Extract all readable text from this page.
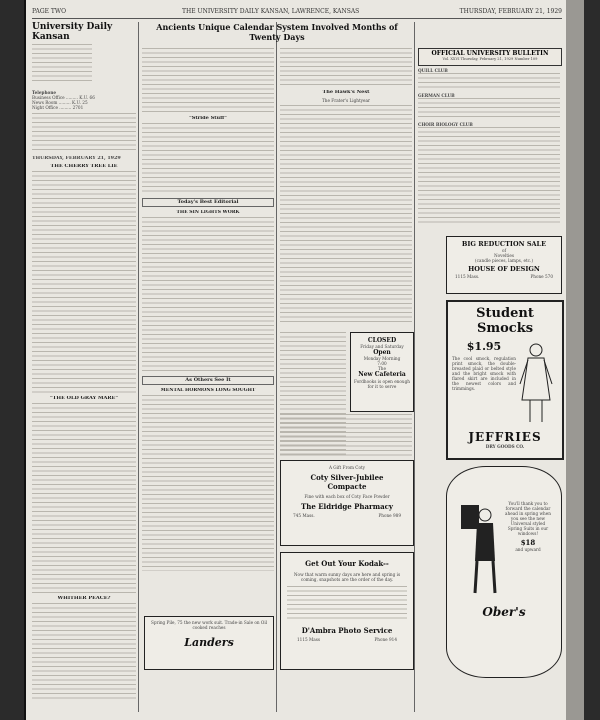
PAGE TWO	THE UNIVERSITY DAILY KANSAN, LAWRENCE, KANSAS	THURSDAY, FEBRUARY 21, 1929
University Daily Kansan
Telephone
Business Office ......... K.U. 66
News Room ......... K.U. 25
Night Office ......... 2701
THURSDAY, FEBRUARY 21, 1929
THE CHERRY TREE LIE
"THE OLD GRAY MARE"
WHITHER PEACE?
Ancients Unique Calendar System Involved Months of Twenty Days
"Stride Stuff"
Today's Best Editorial
THE SIN LIGHTS WORK
As Others See It
MENTAL HORMONS LONG SOUGHT
Spring Pile, 75 the new work suit. Trade-in Sale on Oil cooked reaches
Landers
The Hawk's Nest
The Frater's Lightyear
CLOSED
Friday and Saturday
Open
Monday Morning
7:00
The
New Cafeteria
Fordhooks is open enough for it to serve
A Gift From Coty
Coty Silver-Jubilee
Compacte
Fine with each box of Coty Face Powder
The Eldridge Pharmacy
745 Mass.	Phone 989
Get Out Your Kodak--
Now that warm sunny days are here and spring is coming, snapshots are the order of the day.
D'Ambra Photo Service
1115 Mass	Phone 914
OFFICIAL UNIVERSITY BULLETIN
Vol. XXVI Thursday, February 21, 1929 Number 109
QUILL CLUB
GERMAN CLUB
CHOIR BIOLOGY CLUB
BIG REDUCTION SALE
of
Novelties
(candle pieces, lamps, etc.)
HOUSE OF DESIGN
1115 Mass.	Phone 570
Student Smocks
$1.95
The cool smock, regulation print smock, the double-breasted plaid or belted style and the bright smock with flared skirt are included in the newest colors and trimmings.
JEFFRIES
DRY GOODS CO.
You'll thank you to forward the calendar ahead in spring when you see the new Universal styled Spring Suits in our windows!
$18
and upward
Ober's
